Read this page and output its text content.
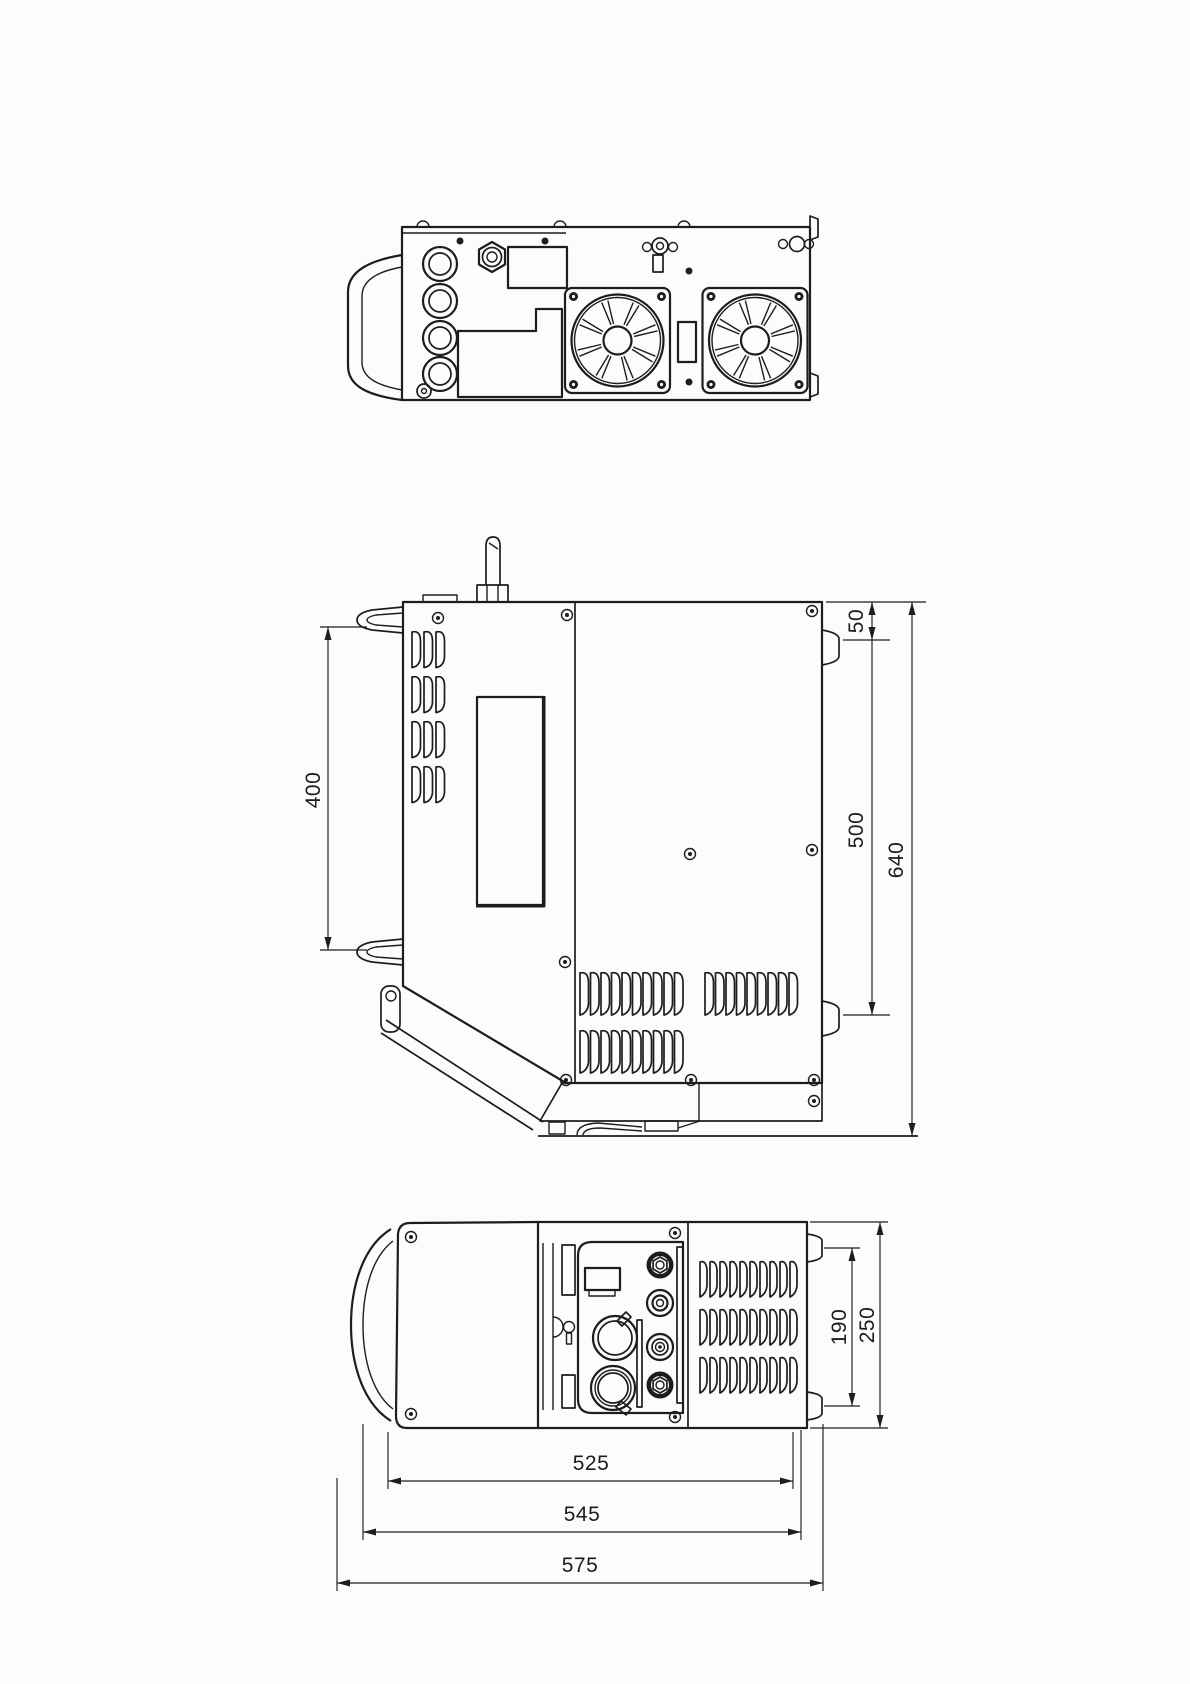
400
50
500
640
190 250
525
545
575
